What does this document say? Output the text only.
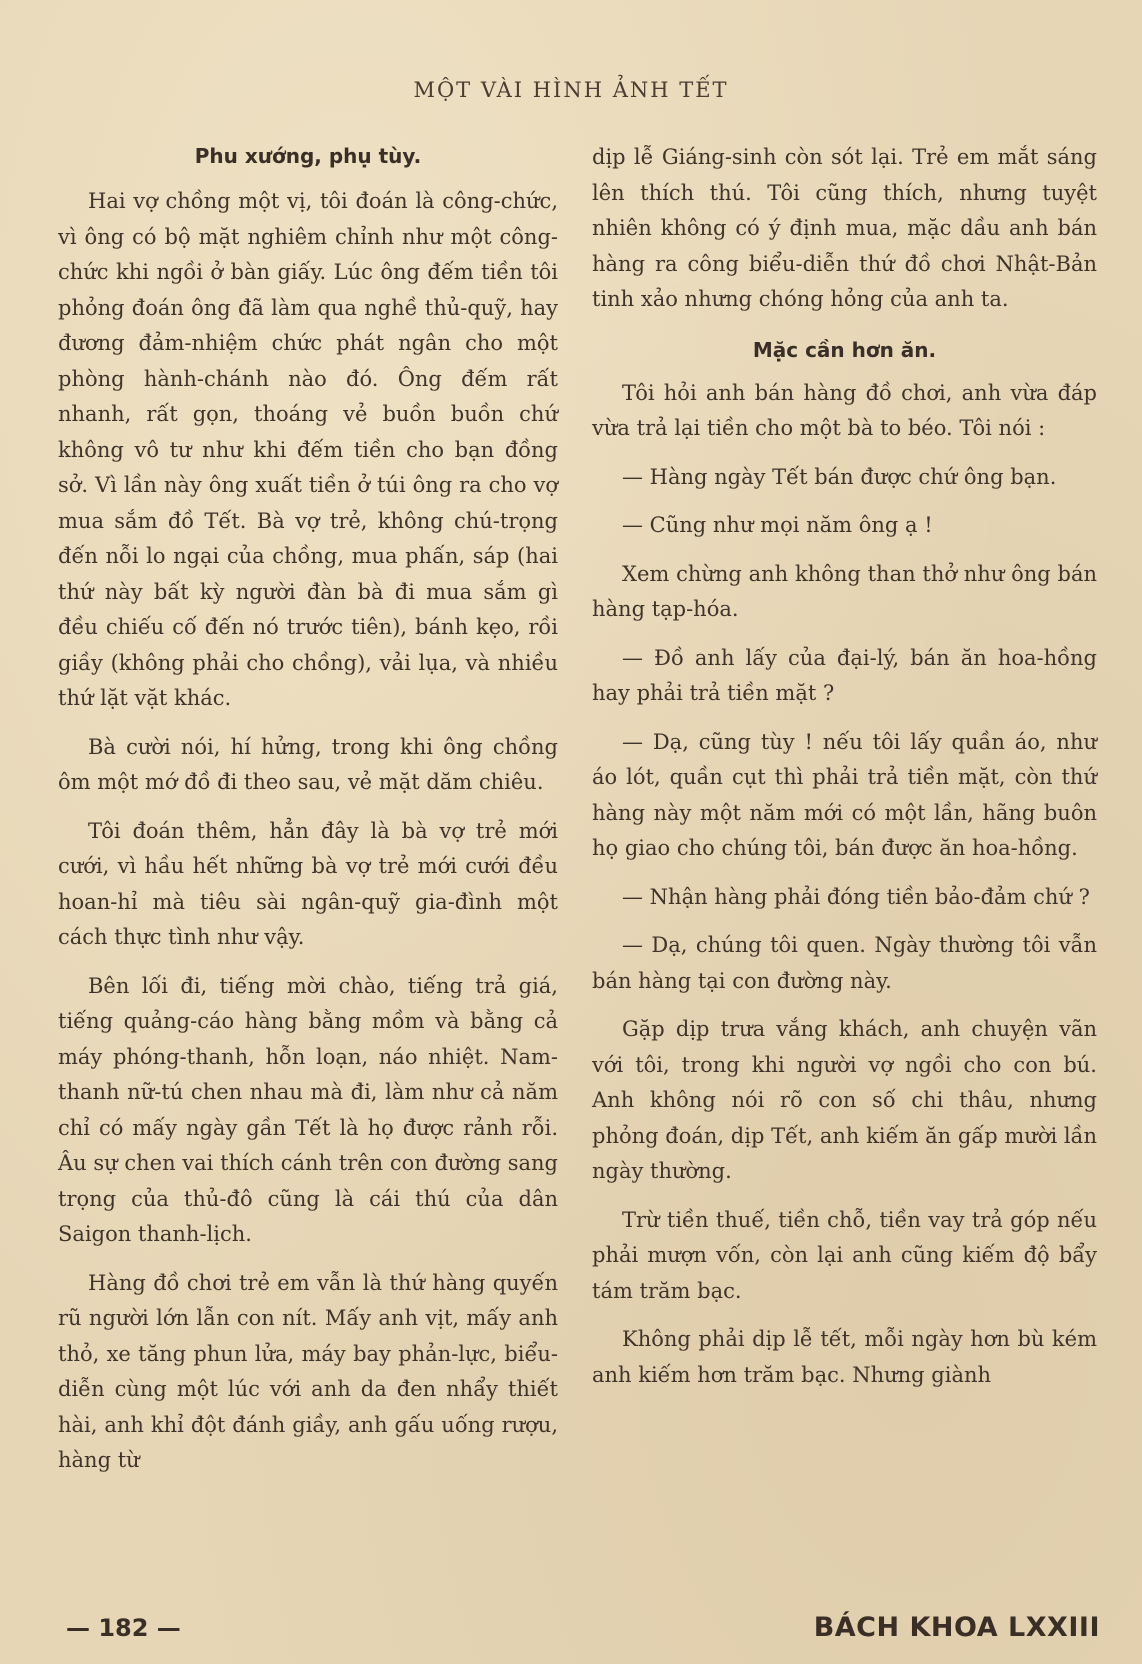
MỘT VÀI HÌNH ẢNH TẾT
Phu xướng, phụ tùy.

Hai vợ chồng một vị, tôi đoán là công-chức, vì ông có bộ mặt nghiêm chỉnh như một công-chức khi ngồi ở bàn giấy. Lúc ông đếm tiền tôi phỏng đoán ông đã làm qua nghề thủ-quỹ, hay đương đảm-nhiệm chức phát ngân cho một phòng hành-chánh nào đó. Ông đếm rất nhanh, rất gọn, thoáng vẻ buồn buồn chứ không vô tư như khi đếm tiền cho bạn đồng sở. Vì lần này ông xuất tiền ở túi ông ra cho vợ mua sắm đồ Tết. Bà vợ trẻ, không chú-trọng đến nỗi lo ngại của chồng, mua phấn, sáp (hai thứ này bất kỳ người đàn bà đi mua sắm gì đều chiếu cố đến nó trước tiên), bánh kẹo, rồi giầy (không phải cho chồng), vải lụa, và nhiều thứ lặt vặt khác.

Bà cười nói, hí hửng, trong khi ông chồng ôm một mớ đồ đi theo sau, vẻ mặt dăm chiêu.

Tôi đoán thêm, hẳn đây là bà vợ trẻ mới cưới, vì hầu hết những bà vợ trẻ mới cưới đều hoan-hỉ mà tiêu sài ngân-quỹ gia-đình một cách thực tình như vậy.

Bên lối đi, tiếng mời chào, tiếng trả giá, tiếng quảng-cáo hàng bằng mồm và bằng cả máy phóng-thanh, hỗn loạn, náo nhiệt. Nam-thanh nữ-tú chen nhau mà đi, làm như cả năm chỉ có mấy ngày gần Tết là họ được rảnh rỗi. Âu sự chen vai thích cánh trên con đường sang trọng của thủ-đô cũng là cái thú của dân Saigon thanh-lịch.

Hàng đồ chơi trẻ em vẫn là thứ hàng quyến rũ người lớn lẫn con nít. Mấy anh vịt, mấy anh thỏ, xe tăng phun lửa, máy bay phản-lực, biểu-diễn cùng một lúc với anh da đen nhẩy thiết hài, anh khỉ đột đánh giầy, anh gấu uống rượu, hàng từ

dịp lễ Giáng-sinh còn sót lại. Trẻ em mắt sáng lên thích thú. Tôi cũng thích, nhưng tuyệt nhiên không có ý định mua, mặc dầu anh bán hàng ra công biểu-diễn thứ đồ chơi Nhật-Bản tinh xảo nhưng chóng hỏng của anh ta.

Mặc cần hơn ăn.

Tôi hỏi anh bán hàng đồ chơi, anh vừa đáp vừa trả lại tiền cho một bà to béo. Tôi nói :

— Hàng ngày Tết bán được chứ ông bạn.

— Cũng như mọi năm ông ạ !

Xem chừng anh không than thở như ông bán hàng tạp-hóa.

— Đồ anh lấy của đại-lý, bán ăn hoa-hồng hay phải trả tiền mặt ?

— Dạ, cũng tùy ! nếu tôi lấy quần áo, như áo lót, quần cụt thì phải trả tiền mặt, còn thứ hàng này một năm mới có một lần, hãng buôn họ giao cho chúng tôi, bán được ăn hoa-hồng.

— Nhận hàng phải đóng tiền bảo-đảm chứ ?

— Dạ, chúng tôi quen. Ngày thường tôi vẫn bán hàng tại con đường này.

Gặp dịp trưa vắng khách, anh chuyện vãn với tôi, trong khi người vợ ngồi cho con bú. Anh không nói rõ con số chi thâu, nhưng phỏng đoán, dịp Tết, anh kiếm ăn gấp mười lần ngày thường.

Trừ tiền thuế, tiền chỗ, tiền vay trả góp nếu phải mượn vốn, còn lại anh cũng kiếm độ bẩy tám trăm bạc.

Không phải dịp lễ tết, mỗi ngày hơn bù kém anh kiếm hơn trăm bạc. Nhưng giành

— 182 —	BÁCH KHOA LXXIII
